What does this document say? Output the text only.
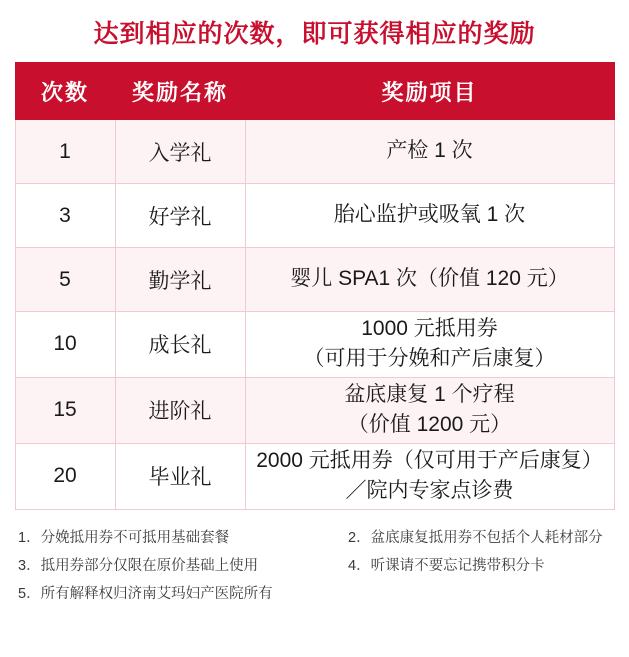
达到相应的次数，即可获得相应的奖励
次数	奖励名称	奖励项目
1	入学礼	产检 1 次
3	好学礼	胎心监护或吸氧 1 次
5	勤学礼	婴儿 SPA1 次（价值 120 元）
10	成长礼	1000 元抵用券
（可用于分娩和产后康复）

15	进阶礼	盆底康复 1 个疗程
（价值 1200 元）

20	毕业礼	2000 元抵用券（仅可用于产后康复）
／院内专家点诊费
1．分娩抵用券不可抵用基础套餐	2．盆底康复抵用券不包括个人耗材部分
3．抵用券部分仅限在原价基础上使用	4．听课请不要忘记携带积分卡
5．所有解释权归济南艾玛妇产医院所有
